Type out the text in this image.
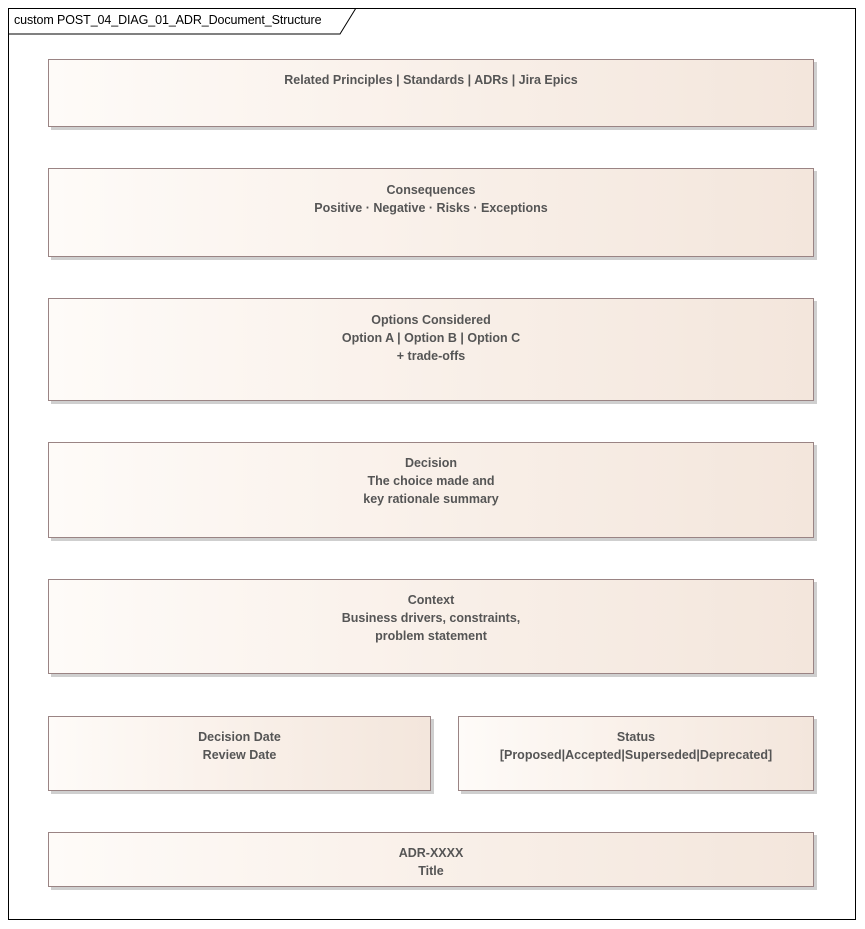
custom POST_04_DIAG_01_ADR_Document_Structure
Related Principles | Standards | ADRs | Jira Epics
Consequences
Positive · Negative · Risks · Exceptions
Options Considered
Option A | Option B | Option C
+ trade-offs
Decision
The choice made and
key rationale summary
Context
Business drivers, constraints,
problem statement
Decision Date
Review Date
Status
[Proposed|Accepted|Superseded|Deprecated]
ADR-XXXX
Title
